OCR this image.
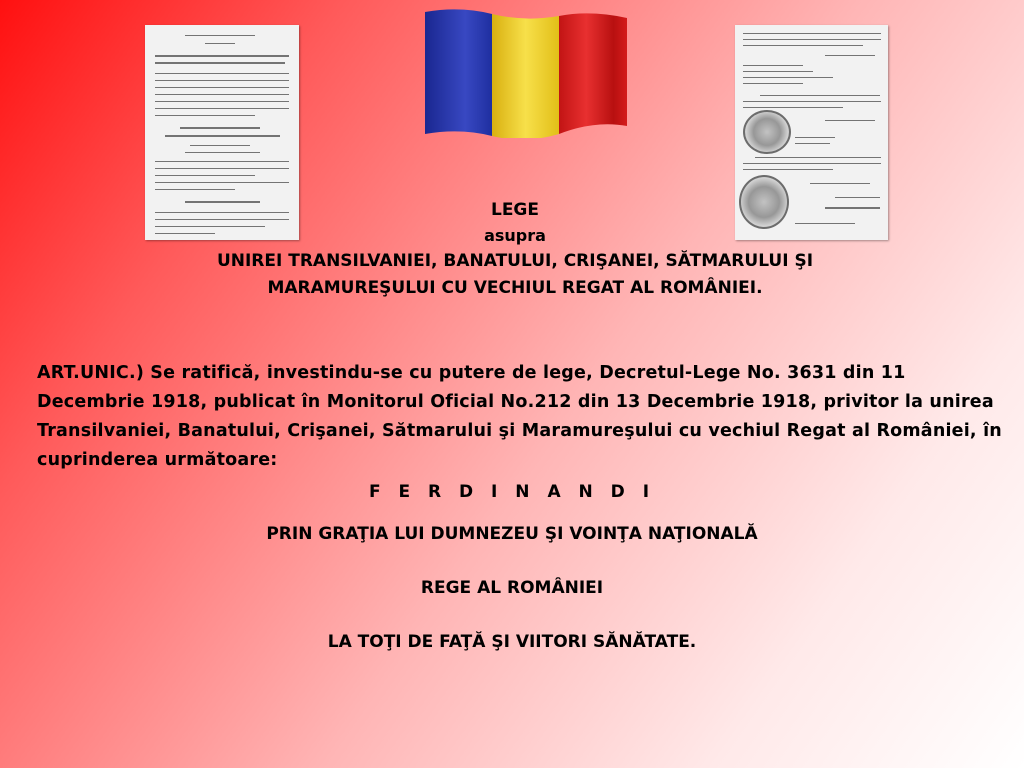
LEGE
asupra
UNIREI TRANSILVANIEI, BANATULUI, CRIŞANEI, SĂTMARULUI ŞI
MARAMUREŞULUI CU VECHIUL REGAT AL ROMÂNIEI.
ART.UNIC.) Se ratifică, investindu-se cu putere de lege, Decretul-Lege No. 3631 din 11 Decembrie 1918, publicat în Monitorul Oficial No.212 din 13 Decembrie 1918, privitor la unirea Transilvaniei, Banatului, Crişanei, Sătmarului şi Maramureşului cu vechiul Regat al României, în cuprinderea următoare:
F E R D I N A N D I
PRIN GRAŢIA LUI DUMNEZEU ŞI VOINŢA NAŢIONALĂ
REGE AL ROMÂNIEI
LA TOŢI DE FAŢĂ ŞI VIITORI SĂNĂTATE.
